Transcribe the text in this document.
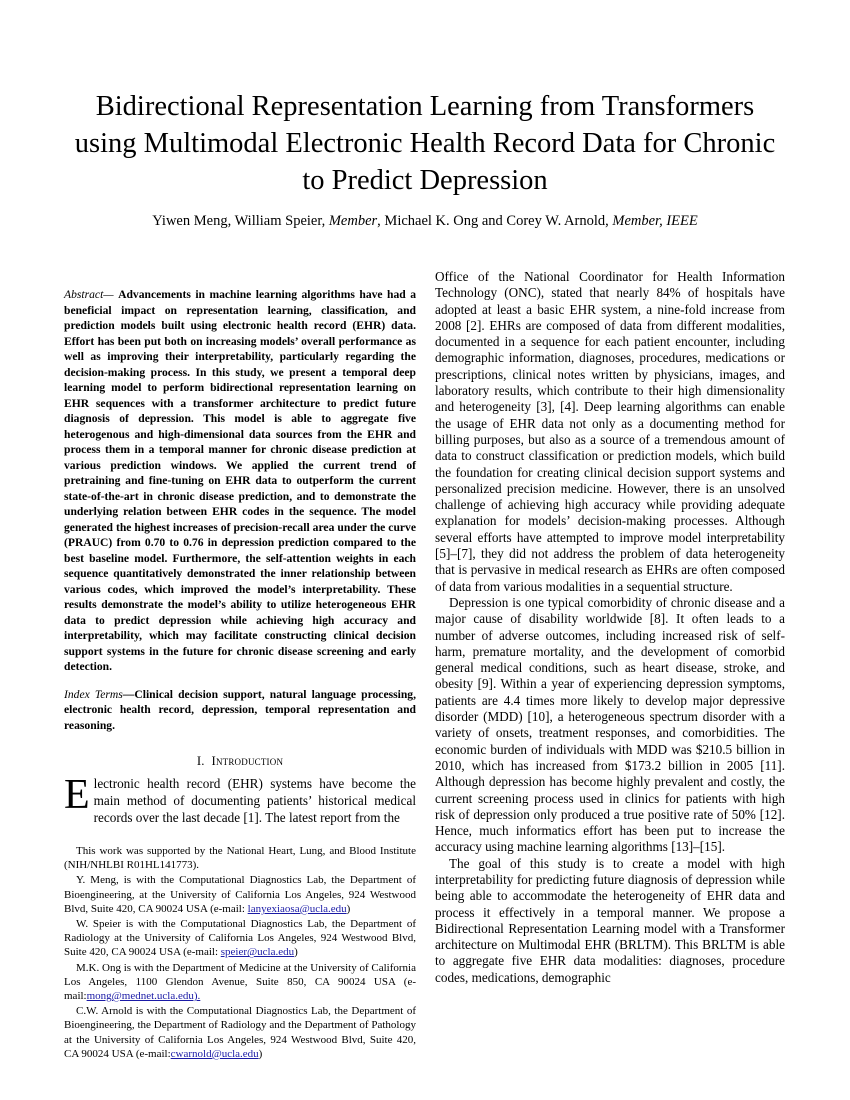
Bidirectional Representation Learning from Transformers using Multimodal Electronic Health Record Data for Chronic to Predict Depression

Yiwen Meng, William Speier, Member, Michael K. Ong and Corey W. Arnold, Member, IEEE

Abstract— Advancements in machine learning algorithms have had a beneficial impact on representation learning, classification, and prediction models built using electronic health record (EHR) data. Effort has been put both on increasing models’ overall performance as well as improving their interpretability, particularly regarding the decision-making process. In this study, we present a temporal deep learning model to perform bidirectional representation learning on EHR sequences with a transformer architecture to predict future diagnosis of depression. This model is able to aggregate five heterogenous and high-dimensional data sources from the EHR and process them in a temporal manner for chronic disease prediction at various prediction windows. We applied the current trend of pretraining and fine-tuning on EHR data to outperform the current state-of-the-art in chronic disease prediction, and to demonstrate the underlying relation between EHR codes in the sequence. The model generated the highest increases of precision-recall area under the curve (PRAUC) from 0.70 to 0.76 in depression prediction compared to the best baseline model. Furthermore, the self-attention weights in each sequence quantitatively demonstrated the inner relationship between various codes, which improved the model’s interpretability. These results demonstrate the model’s ability to utilize heterogeneous EHR data to predict depression while achieving high accuracy and interpretability, which may facilitate constructing clinical decision support systems in the future for chronic disease screening and early detection.

Index Terms—Clinical decision support, natural language processing, electronic health record, depression, temporal representation and reasoning.
I. Introduction

Electronic health record (EHR) systems have become the main method of documenting patients’ historical medical records over the last decade [1]. The latest report from the

This work was supported by the National Heart, Lung, and Blood Institute (NIH/NHLBI R01HL141773).

Y. Meng, is with the Computational Diagnostics Lab, the Department of Bioengineering, at the University of California Los Angeles, 924 Westwood Blvd, Suite 420, CA 90024 USA (e-mail: lanyexiaosa@ucla.edu)

W. Speier is with the Computational Diagnostics Lab, the Department of Radiology at the University of California Los Angeles, 924 Westwood Blvd, Suite 420, CA 90024 USA (e-mail: speier@ucla.edu)

M.K. Ong is with the Department of Medicine at the University of California Los Angeles, 1100 Glendon Avenue, Suite 850, CA 90024 USA (e-mail:mong@mednet.ucla.edu).

C.W. Arnold is with the Computational Diagnostics Lab, the Department of Bioengineering, the Department of Radiology and the Department of Pathology at the University of California Los Angeles, 924 Westwood Blvd, Suite 420, CA 90024 USA (e-mail:cwarnold@ucla.edu)

Office of the National Coordinator for Health Information Technology (ONC), stated that nearly 84% of hospitals have adopted at least a basic EHR system, a nine-fold increase from 2008 [2]. EHRs are composed of data from different modalities, documented in a sequence for each patient encounter, including demographic information, diagnoses, procedures, medications or prescriptions, clinical notes written by physicians, images, and laboratory results, which contribute to their high dimensionality and heterogeneity [3], [4]. Deep learning algorithms can enable the usage of EHR data not only as a documenting method for billing purposes, but also as a source of a tremendous amount of data to construct classification or prediction models, which build the foundation for creating clinical decision support systems and personalized precision medicine. However, there is an unsolved challenge of achieving high accuracy while providing adequate explanation for models’ decision-making processes. Although several efforts have attempted to improve model interpretability [5]–[7], they did not address the problem of data heterogeneity that is pervasive in medical research as EHRs are often composed of data from various modalities in a sequential structure.

Depression is one typical comorbidity of chronic disease and a major cause of disability worldwide [8]. It often leads to a number of adverse outcomes, including increased risk of self-harm, premature mortality, and the development of comorbid general medical conditions, such as heart disease, stroke, and obesity [9]. Within a year of experiencing depression symptoms, patients are 4.4 times more likely to develop major depressive disorder (MDD) [10], a heterogeneous spectrum disorder with a variety of onsets, treatment responses, and comorbidities. The economic burden of individuals with MDD was $210.5 billion in 2010, which has increased from $173.2 billion in 2005 [11]. Although depression has become highly prevalent and costly, the current screening process used in clinics for patients with high risk of depression only produced a true positive rate of 50% [12]. Hence, much informatics effort has been put to increase the accuracy using machine learning algorithms [13]–[15].

The goal of this study is to create a model with high interpretability for predicting future diagnosis of depression while being able to accommodate the heterogeneity of EHR data and process it effectively in a temporal manner. We propose a Bidirectional Representation Learning model with a Transformer architecture on Multimodal EHR (BRLTM). This BRLTM is able to aggregate five EHR data modalities: diagnoses, procedure codes, medications, demographic
